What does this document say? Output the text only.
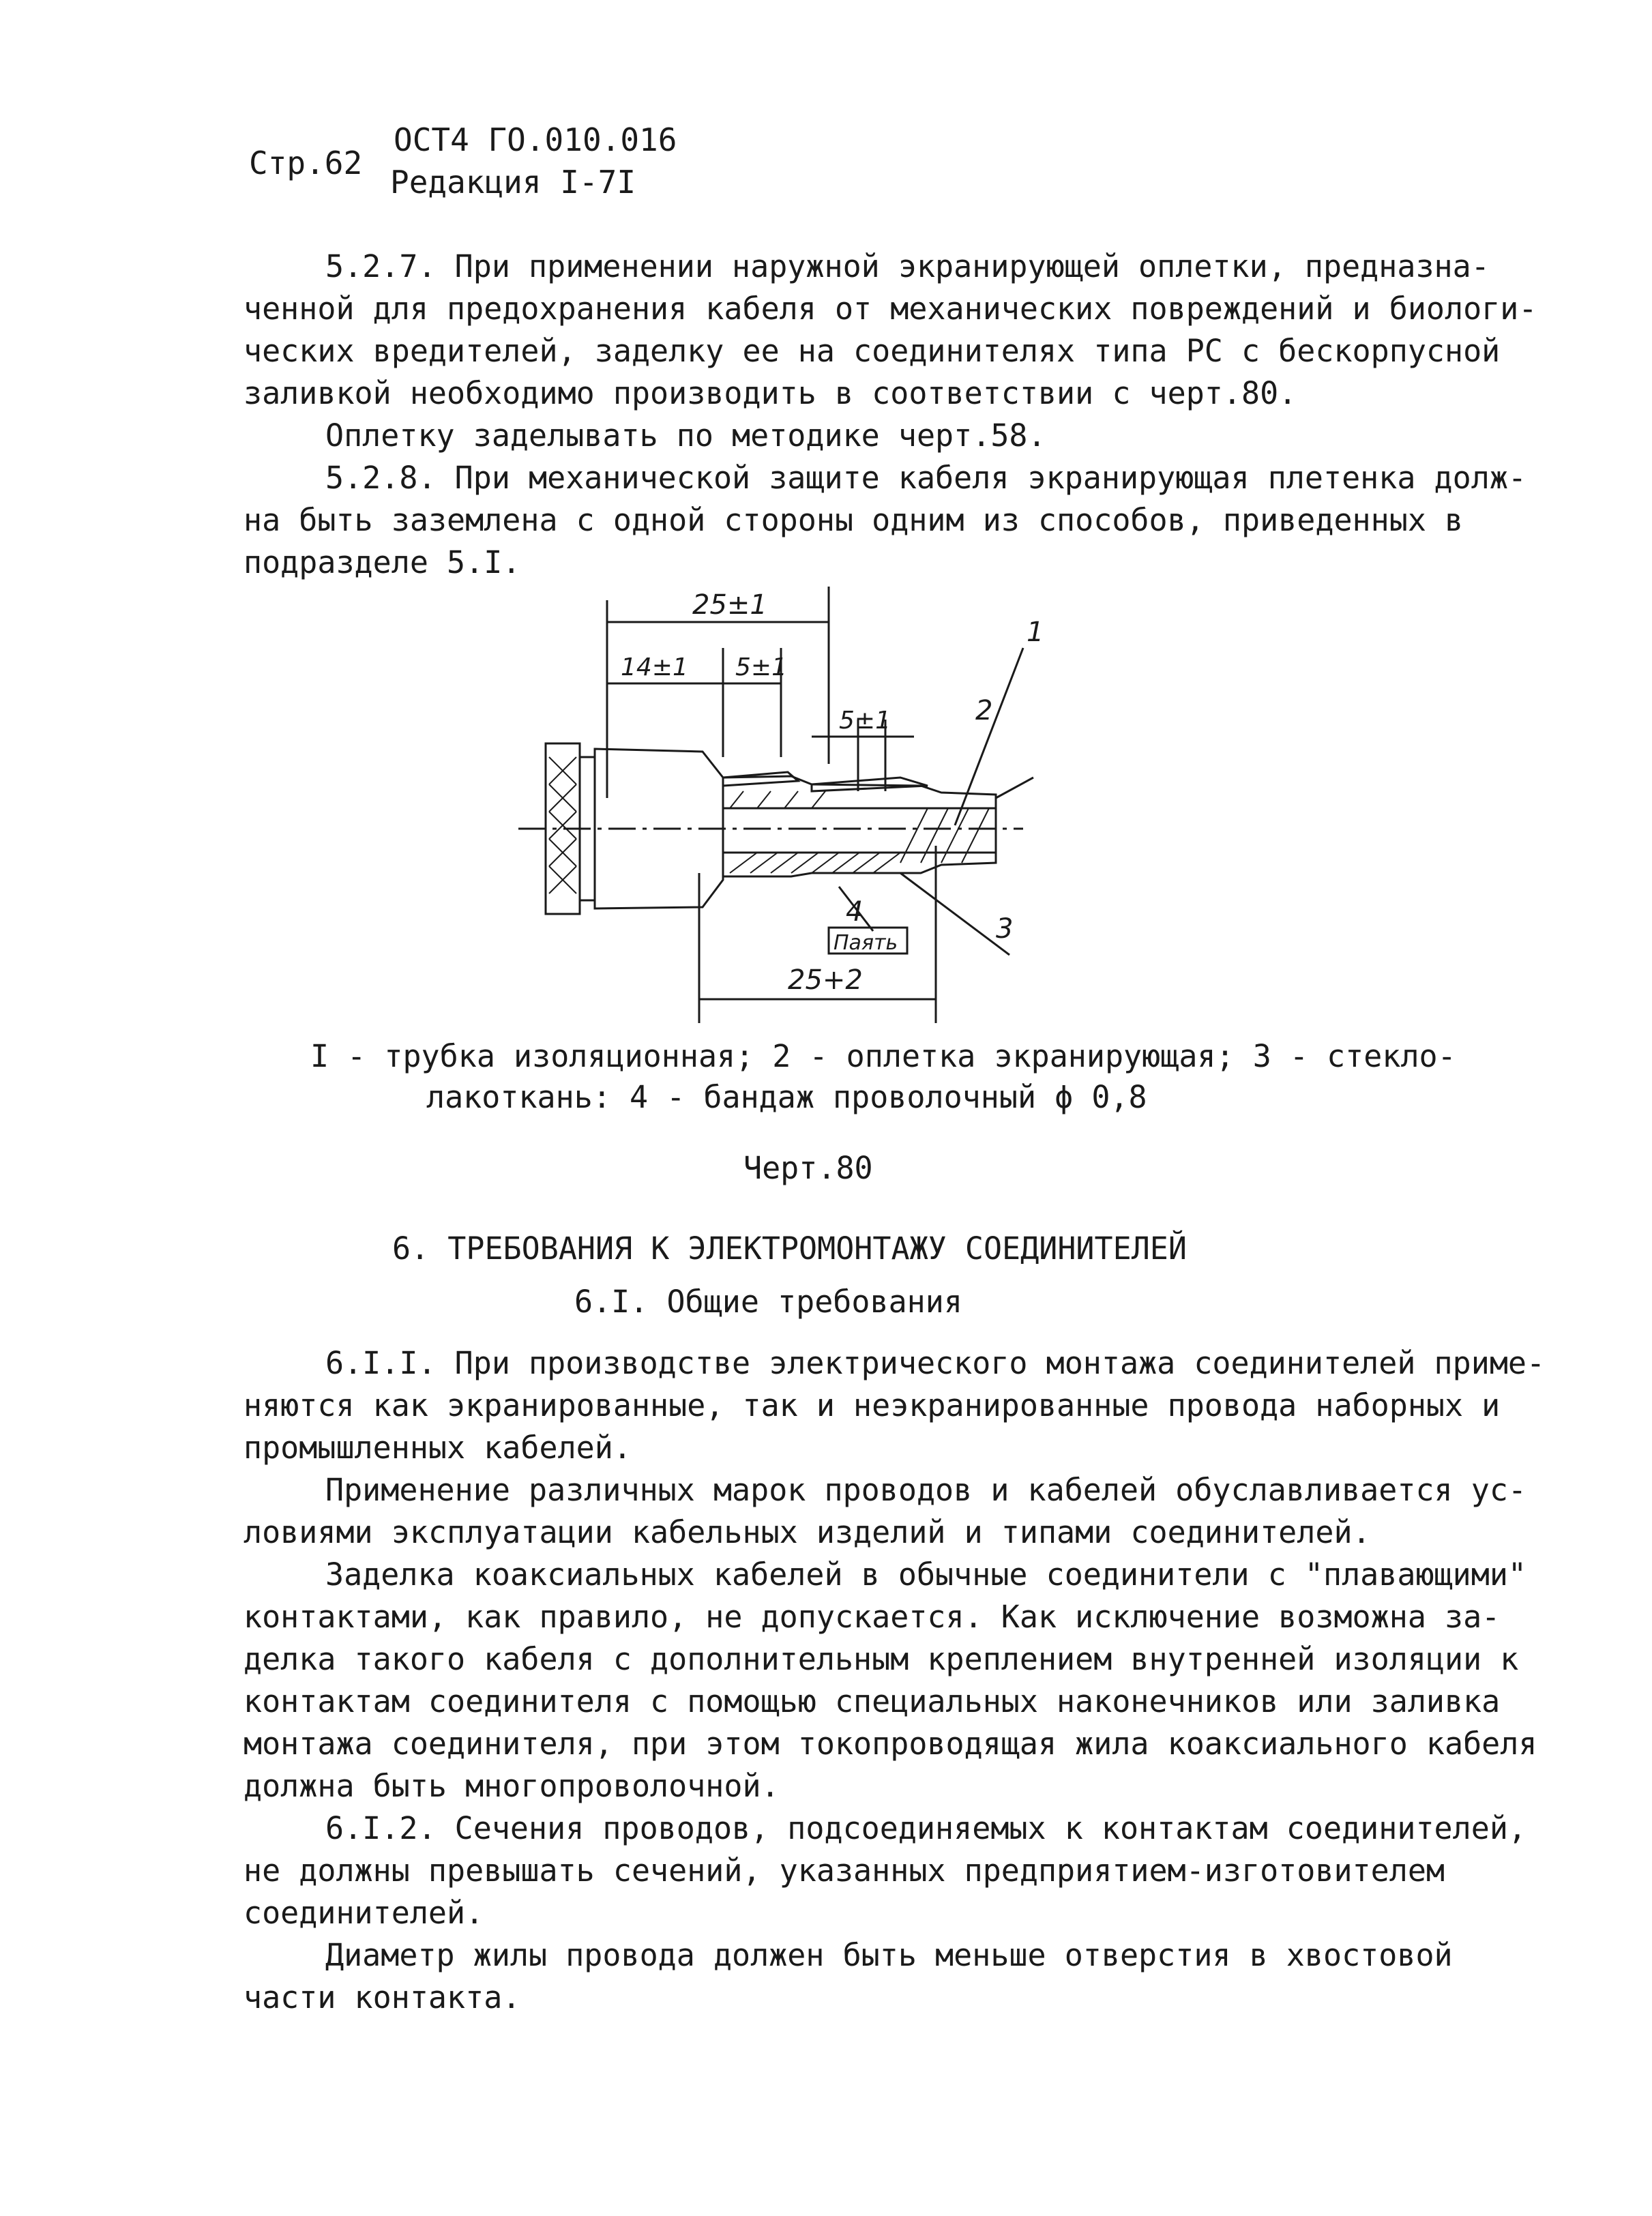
Стр.62
ОСТ4 ГО.010.016
Редакция I-7I
5.2.7. При применении наружной экранирующей оплетки, предназна-
ченной для предохранения кабеля от механических повреждений и биологи-
ческих вредителей, заделку ее на соединителях типа РС с бескорпусной
заливкой необходимо производить в соответствии с черт.80.
Оплетку заделывать по методике черт.58.
5.2.8. При механической защите кабеля экранирующая плетенка долж-
на быть заземлена с одной стороны одним из способов, приведенных в
подразделе 5.I.
25±1
14±1 5±1
5±1
25+2
1
2
3
4
Паять
I - трубка изоляционная; 2 - оплетка экранирующая; 3 - стекло-
лакоткань: 4 - бандаж проволочный ϕ 0,8
Черт.80
6. ТРЕБОВАНИЯ К ЭЛЕКТРОМОНТАЖУ СОЕДИНИТЕЛЕЙ
6.I. Общие требования
6.I.I. При производстве электрического монтажа соединителей приме-
няются как экранированные, так и неэкранированные провода наборных и
промышленных кабелей.
Применение различных марок проводов и кабелей обуславливается ус-
ловиями эксплуатации кабельных изделий и типами соединителей.
Заделка коаксиальных кабелей в обычные соединители с "плавающими"
контактами, как правило, не допускается. Как исключение возможна за-
делка такого кабеля с дополнительным креплением внутренней изоляции к
контактам соединителя с помощью специальных наконечников или заливка
монтажа соединителя, при этом токопроводящая жила коаксиального кабеля
должна быть многопроволочной.
6.I.2. Сечения проводов, подсоединяемых к контактам соединителей,
не должны превышать сечений, указанных предприятием-изготовителем
соединителей.
Диаметр жилы провода должен быть меньше отверстия в хвостовой
части контакта.
